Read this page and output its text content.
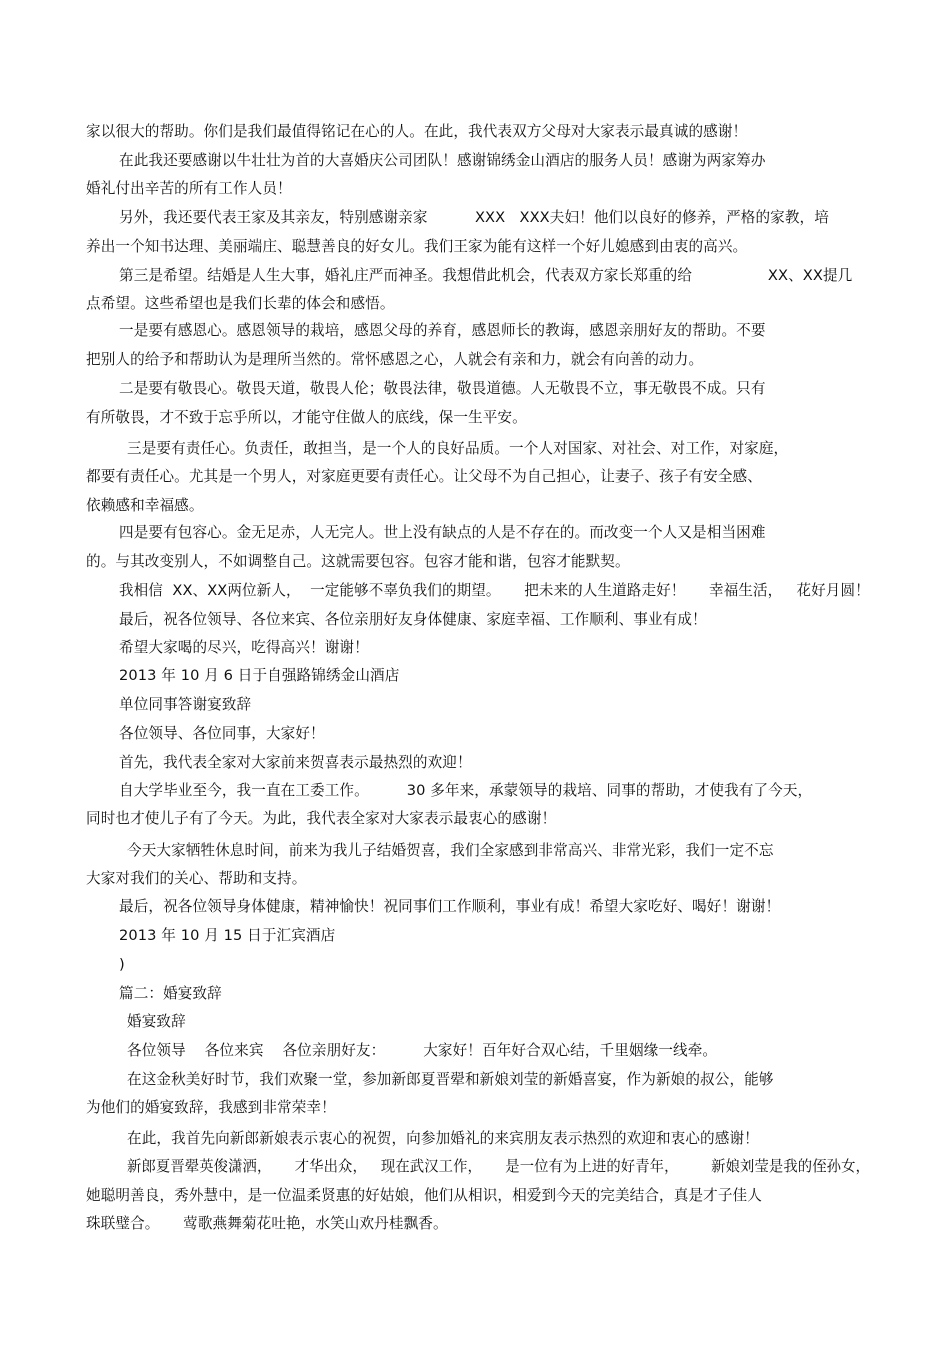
家以很大的帮助。你们是我们最值得铭记在心的人。在此，我代表双方父母对大家表示最真诚的感谢！
在此我还要感谢以牛壮壮为首的大喜婚庆公司团队！感谢锦绣金山酒店的服务人员！感谢为两家筹办
婚礼付出辛苦的所有工作人员！
另外，我还要代表王家及其亲友，特别感谢亲家          XXX   XXX夫妇！他们以良好的修养，严格的家教，培
养出一个知书达理、美丽端庄、聪慧善良的好女儿。我们王家为能有这样一个好儿媳感到由衷的高兴。
第三是希望。结婚是人生大事，婚礼庄严而神圣。我想借此机会，代表双方家长郑重的给                XX、XX提几
点希望。这些希望也是我们长辈的体会和感悟。
一是要有感恩心。感恩领导的栽培，感恩父母的养育，感恩师长的教诲，感恩亲朋好友的帮助。不要
把别人的给予和帮助认为是理所当然的。常怀感恩之心，人就会有亲和力，就会有向善的动力。
二是要有敬畏心。敬畏天道，敬畏人伦；敬畏法律，敬畏道德。人无敬畏不立，事无敬畏不成。只有
有所敬畏，才不致于忘乎所以，才能守住做人的底线，保一生平安。
三是要有责任心。负责任，敢担当，是一个人的良好品质。一个人对国家、对社会、对工作，对家庭，
都要有责任心。尤其是一个男人，对家庭更要有责任心。让父母不为自己担心，让妻子、孩子有安全感、
依赖感和幸福感。
四是要有包容心。金无足赤，人无完人。世上没有缺点的人是不存在的。而改变一个人又是相当困难
的。与其改变别人，不如调整自己。这就需要包容。包容才能和谐，包容才能默契。
我相信  XX、XX两位新人，  一定能够不辜负我们的期望。     把未来的人生道路走好！     幸福生活，   花好月圆！
最后，祝各位领导、各位来宾、各位亲朋好友身体健康、家庭幸福、工作顺利、事业有成！
希望大家喝的尽兴，吃得高兴！谢谢！
2013 年 10 月 6 日于自强路锦绣金山酒店
单位同事答谢宴致辞
各位领导、各位同事，大家好！
首先，我代表全家对大家前来贺喜表示最热烈的欢迎！
自大学毕业至今，我一直在工委工作。        30 多年来，承蒙领导的栽培、同事的帮助，才使我有了今天，
同时也才使儿子有了今天。为此，我代表全家对大家表示最衷心的感谢！
今天大家牺牲休息时间，前来为我儿子结婚贺喜，我们全家感到非常高兴、非常光彩，我们一定不忘
大家对我们的关心、帮助和支持。
最后，祝各位领导身体健康，精神愉快！祝同事们工作顺利，事业有成！希望大家吃好、喝好！谢谢！
2013 年 10 月 15 日于汇宾酒店
)
篇二：婚宴致辞
婚宴致辞
各位领导    各位来宾    各位亲朋好友：        大家好！百年好合双心结，千里姻缘一线牵。
在这金秋美好时节，我们欢聚一堂，参加新郎夏晋翚和新娘刘莹的新婚喜宴，作为新娘的叔公，能够
为他们的婚宴致辞，我感到非常荣幸！
在此，我首先向新郎新娘表示衷心的祝贺，向参加婚礼的来宾朋友表示热烈的欢迎和衷心的感谢！
新郎夏晋翚英俊潇洒，     才华出众，   现在武汉工作，     是一位有为上进的好青年，       新娘刘莹是我的侄孙女，
她聪明善良，秀外慧中，是一位温柔贤惠的好姑娘，他们从相识，相爱到今天的完美结合，真是才子佳人
珠联璧合。     莺歌燕舞菊花吐艳，水笑山欢丹桂飘香。
